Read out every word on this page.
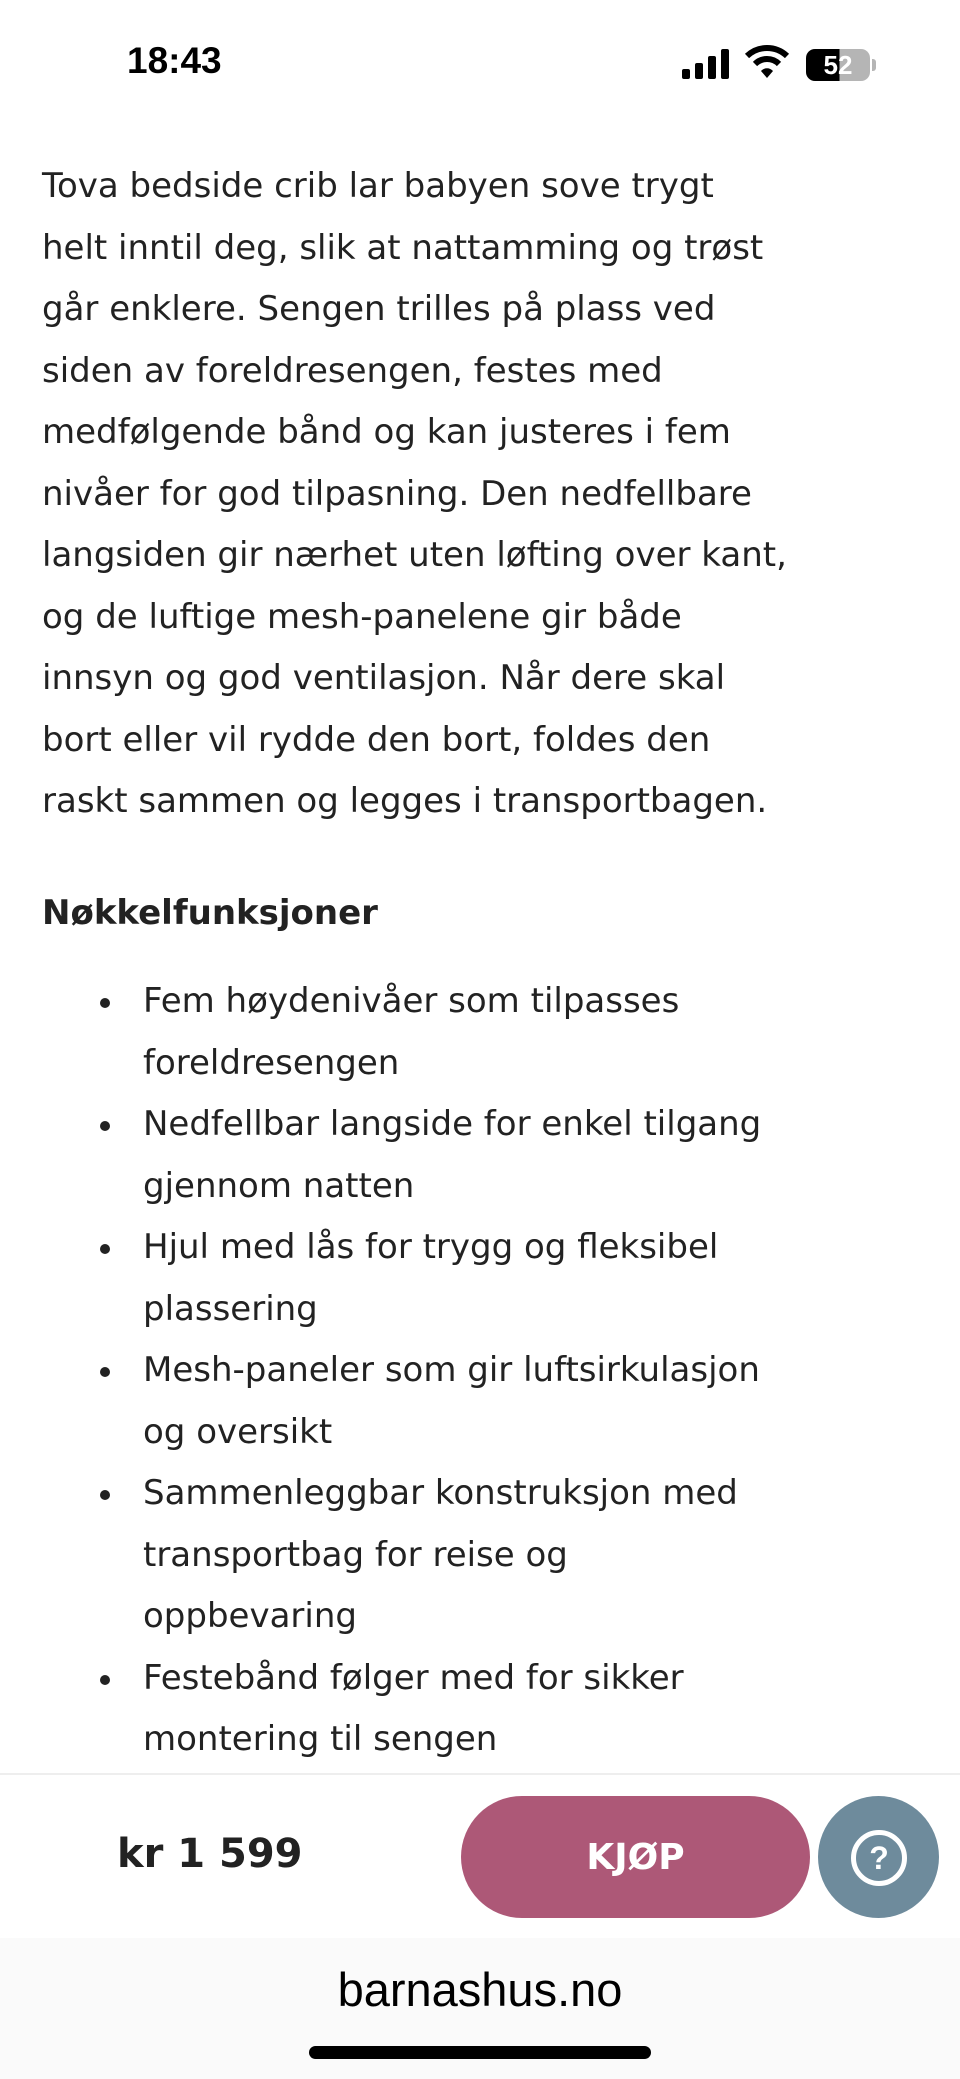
18:43	52
Tova bedside crib lar babyen sove trygt
helt inntil deg, slik at nattamming og trøst
går enklere. Sengen trilles på plass ved
siden av foreldresengen, festes med
medfølgende bånd og kan justeres i fem
nivåer for god tilpasning. Den nedfellbare
langsiden gir nærhet uten løfting over kant,
og de luftige mesh-panelene gir både
innsyn og god ventilasjon. Når dere skal
bort eller vil rydde den bort, foldes den
raskt sammen og legges i transportbagen.
Nøkkelfunksjoner
Fem høydenivåer som tilpasses
foreldresengen
Nedfellbar langside for enkel tilgang
gjennom natten
Hjul med lås for trygg og fleksibel
plassering
Mesh-paneler som gir luftsirkulasjon
og oversikt
Sammenleggbar konstruksjon med
transportbag for reise og
oppbevaring
Festebånd følger med for sikker
montering til sengen
kr 1 599	KJØP	?
barnashus.no
